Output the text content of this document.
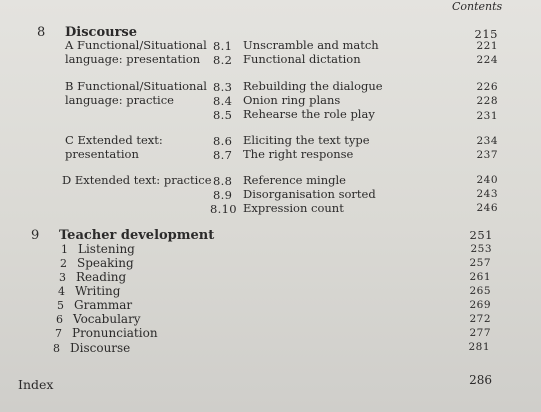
Contents
8 Discourse	215
A Functional/Situational
language: presentation
8.1 Unscramble and match	221
8.2 Functional dictation	224
B Functional/Situational
language: practice
8.3 Rebuilding the dialogue	226
8.4 Onion ring plans	228
8.5 Rehearse the role play	231
C Extended text:
presentation
8.6 Eliciting the text type	234
8.7 The right response	237
D Extended text: practice 8.8 Reference mingle	240
8.9 Disorganisation sorted	243
8.10 Expression count	246
9 Teacher development	251
1 Listening	253
2 Speaking	257
3 Reading	261
4 Writing	265
5 Grammar	269
6 Vocabulary	272
7 Pronunciation	277
8 Discourse	281
Index	286
